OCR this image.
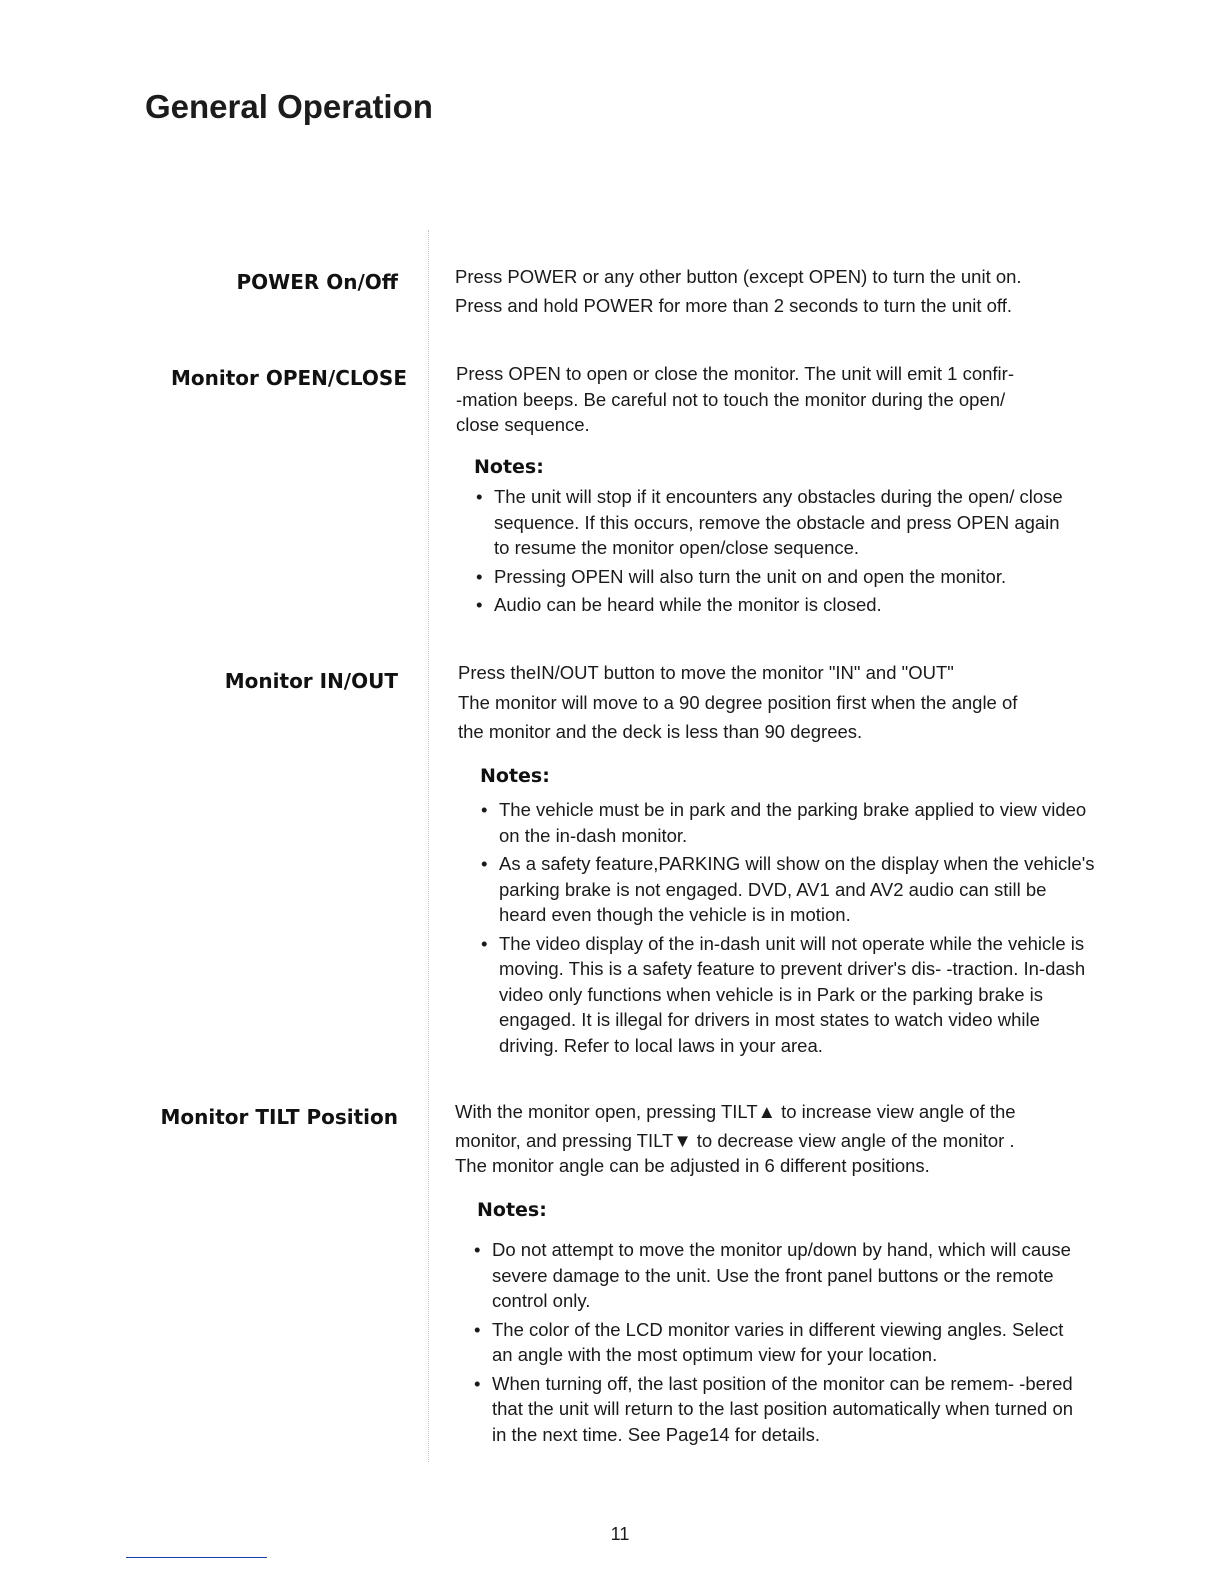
General Operation
POWER On/Off	Press POWER or any other button (except OPEN) to turn the unit on.
Press and hold POWER for more than 2 seconds to turn the unit off.
Monitor OPEN/CLOSE	Press OPEN to open or close the monitor. The unit will emit 1 confir-
-mation beeps. Be careful not to touch the monitor during the open/
close sequence.
Notes:
• The unit will stop if it encounters any obstacles during the open/ close sequence. If this occurs, remove the obstacle and press OPEN again to resume the monitor open/close sequence.
• Pressing OPEN will also turn the unit on and open the monitor.
• Audio can be heard while the monitor is closed.
Monitor IN/OUT	Press theIN/OUT button to move the monitor "IN" and "OUT"
The monitor will move to a 90 degree position first when the angle of
the monitor and the deck is less than 90 degrees.
Notes:
• The vehicle must be in park and the parking brake applied to view video on the in-dash monitor.
• As a safety feature,PARKING will show on the display when the vehicle's parking brake is not engaged. DVD, AV1 and AV2 audio can still be heard even though the vehicle is in motion.
• The video display of the in-dash unit will not operate while the vehicle is moving. This is a safety feature to prevent driver's dis- -traction. In-dash video only functions when vehicle is in Park or the parking brake is engaged. It is illegal for drivers in most states to watch video while driving. Refer to local laws in your area.
Monitor TILT Position	With the monitor open, pressing TILT▲ to increase view angle of the
monitor, and pressing TILT▼ to decrease view angle of the monitor .
The monitor angle can be adjusted in 6 different positions.
Notes:
• Do not attempt to move the monitor up/down by hand, which will cause severe damage to the unit. Use the front panel buttons or the remote control only.
• The color of the LCD monitor varies in different viewing angles. Select an angle with the most optimum view for your location.
• When turning off, the last position of the monitor can be remem- -bered that the unit will return to the last position automatically when turned on in the next time. See Page14 for details.
11
